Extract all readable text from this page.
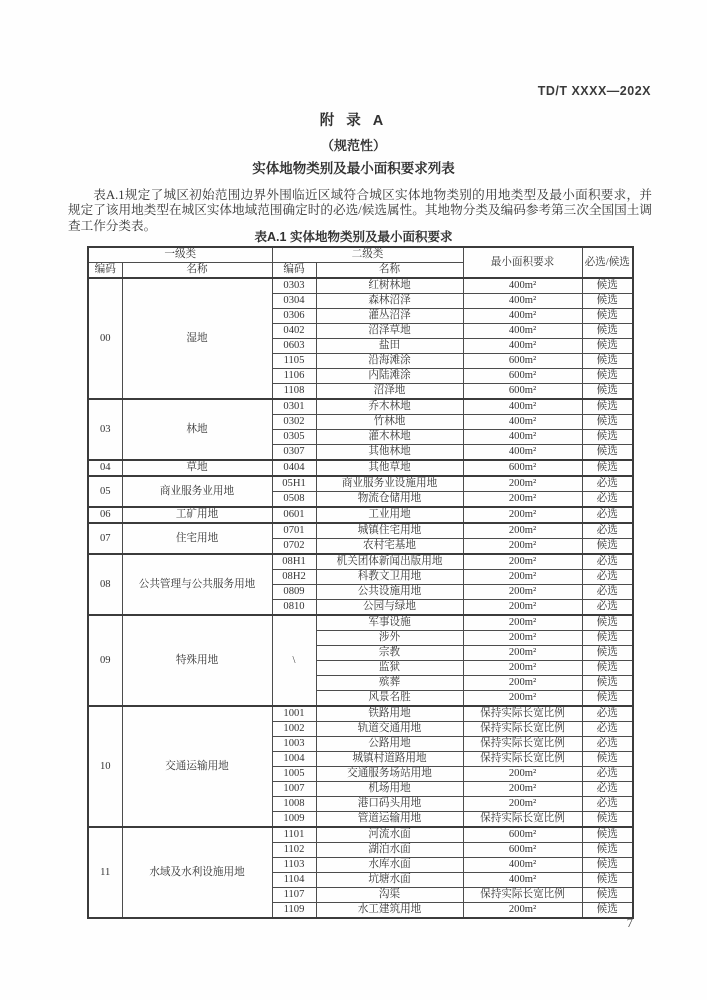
TD/T XXXX—202X
附 录 A
（规范性）
实体地物类别及最小面积要求列表

表A.1规定了城区初始范围边界外围临近区域符合城区实体地物类别的用地类型及最小面积要求，并规定了该用地类型在城区实体地域范围确定时的必选/候选属性。其地物分类及编码参考第三次全国国土调查工作分类表。

表A.1 实体地物类别及最小面积要求
一级类		二级类		最小面积要求	必选/候选
编码	名称	编码	名称		
00	湿地	0303	红树林地	400m²	候选
		0304	森林沼泽	400m²	候选
		0306	灌丛沼泽	400m²	候选
		0402	沼泽草地	400m²	候选
		0603	盐田	400m²	候选
		1105	沿海滩涂	600m²	候选
		1106	内陆滩涂	600m²	候选
		1108	沼泽地	600m²	候选
03	林地	0301	乔木林地	400m²	候选
		0302	竹林地	400m²	候选
		0305	灌木林地	400m²	候选
		0307	其他林地	400m²	候选
04	草地	0404	其他草地	600m²	候选
05	商业服务业用地	05H1	商业服务业设施用地	200m²	必选
		0508	物流仓储用地	200m²	必选
06	工矿用地	0601	工业用地	200m²	必选
07	住宅用地	0701	城镇住宅用地	200m²	必选
		0702	农村宅基地	200m²	候选
08	公共管理与公共服务用地	08H1	机关团体新闻出版用地	200m²	必选
		08H2	科教文卫用地	200m²	必选
		0809	公共设施用地	200m²	必选
		0810	公园与绿地	200m²	必选
09	特殊用地	\	军事设施	200m²	候选
			涉外	200m²	候选
			宗教	200m²	候选
			监狱	200m²	候选
			殡葬	200m²	候选
			风景名胜	200m²	候选
10	交通运输用地	1001	铁路用地	保持实际长宽比例	必选
		1002	轨道交通用地	保持实际长宽比例	必选
		1003	公路用地	保持实际长宽比例	必选
		1004	城镇村道路用地	保持实际长宽比例	候选
		1005	交通服务场站用地	200m²	必选
		1007	机场用地	200m²	必选
		1008	港口码头用地	200m²	必选
		1009	管道运输用地	保持实际长宽比例	候选
11	水域及水利设施用地	1101	河流水面	600m²	候选
		1102	湖泊水面	600m²	候选
		1103	水库水面	400m²	候选
		1104	坑塘水面	400m²	候选
		1107	沟渠	保持实际长宽比例	候选
		1109	水工建筑用地	200m²	候选
7
